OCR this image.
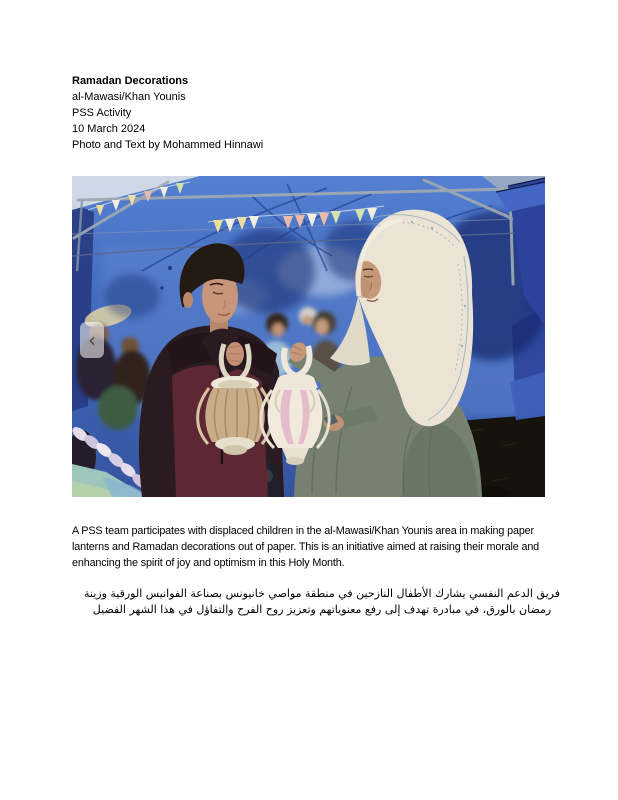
Ramadan Decorations
al-Mawasi/Khan Younis
PSS Activity
10 March 2024
Photo and Text by Mohammed Hinnawi
‹

A PSS team participates with displaced children in the al-Mawasi/Khan Younis area in making paper lanterns and Ramadan decorations out of paper. This is an initiative aimed at raising their morale and enhancing the spirit of joy and optimism in this Holy Month.

فريق الدعم النفسي يشارك الأطفال النازحين في منطقة مواصي خانيونس بصناعة الفوانيس الورقية وزينة رمضان بالورق، في مبادرة تهدف إلى رفع معنوياتهم وتعزيز روح الفرح والتفاؤل في هذا الشهر الفضيل
